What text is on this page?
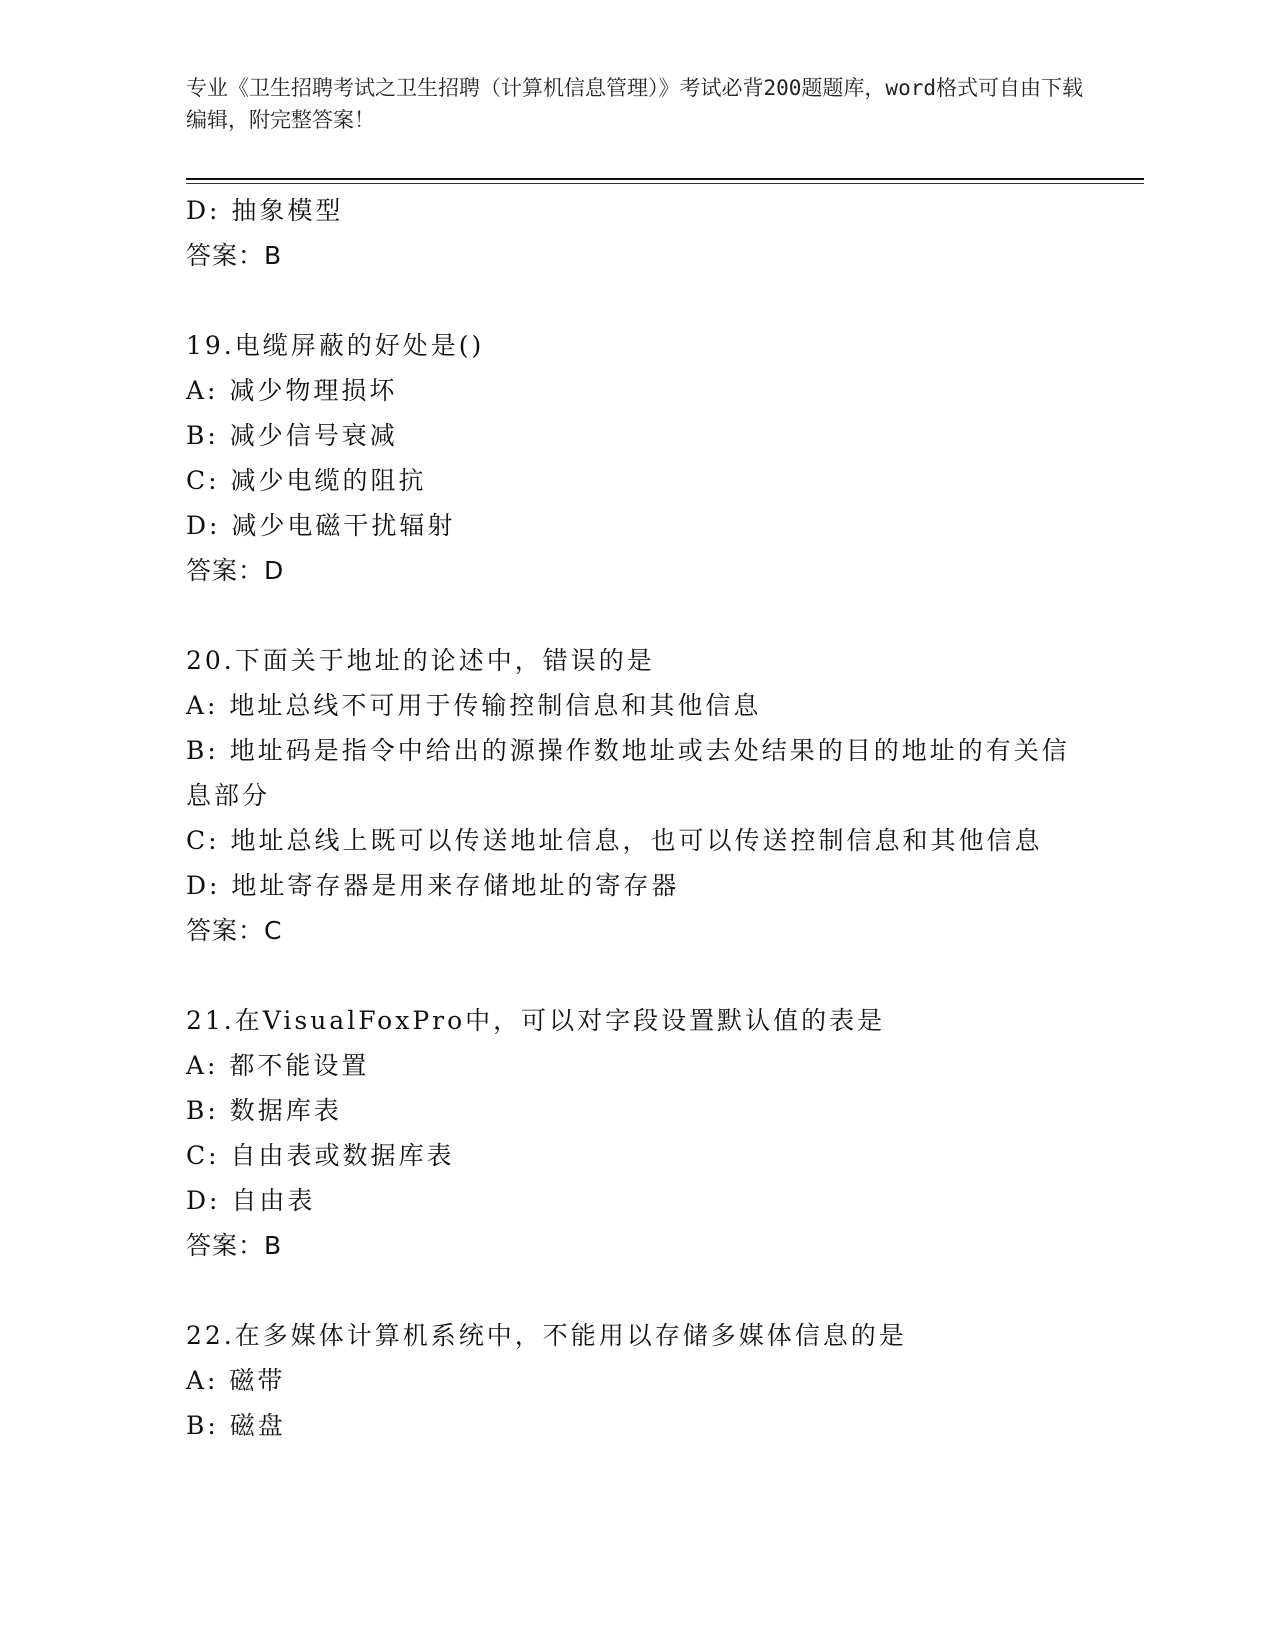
专业《卫生招聘考试之卫生招聘（计算机信息管理）》考试必背200题题库，word格式可自由下载编辑，附完整答案！
D: 抽象模型
答案：B
19.电缆屏蔽的好处是()
A: 减少物理损坏
B: 减少信号衰减
C: 减少电缆的阻抗
D: 减少电磁干扰辐射
答案：D
20.下面关于地址的论述中，错误的是
A: 地址总线不可用于传输控制信息和其他信息
B: 地址码是指令中给出的源操作数地址或去处结果的目的地址的有关信息部分
C: 地址总线上既可以传送地址信息，也可以传送控制信息和其他信息
D: 地址寄存器是用来存储地址的寄存器
答案：C
21.在VisualFoxPro中，可以对字段设置默认值的表是
A: 都不能设置
B: 数据库表
C: 自由表或数据库表
D: 自由表
答案：B
22.在多媒体计算机系统中，不能用以存储多媒体信息的是
A: 磁带
B: 磁盘
